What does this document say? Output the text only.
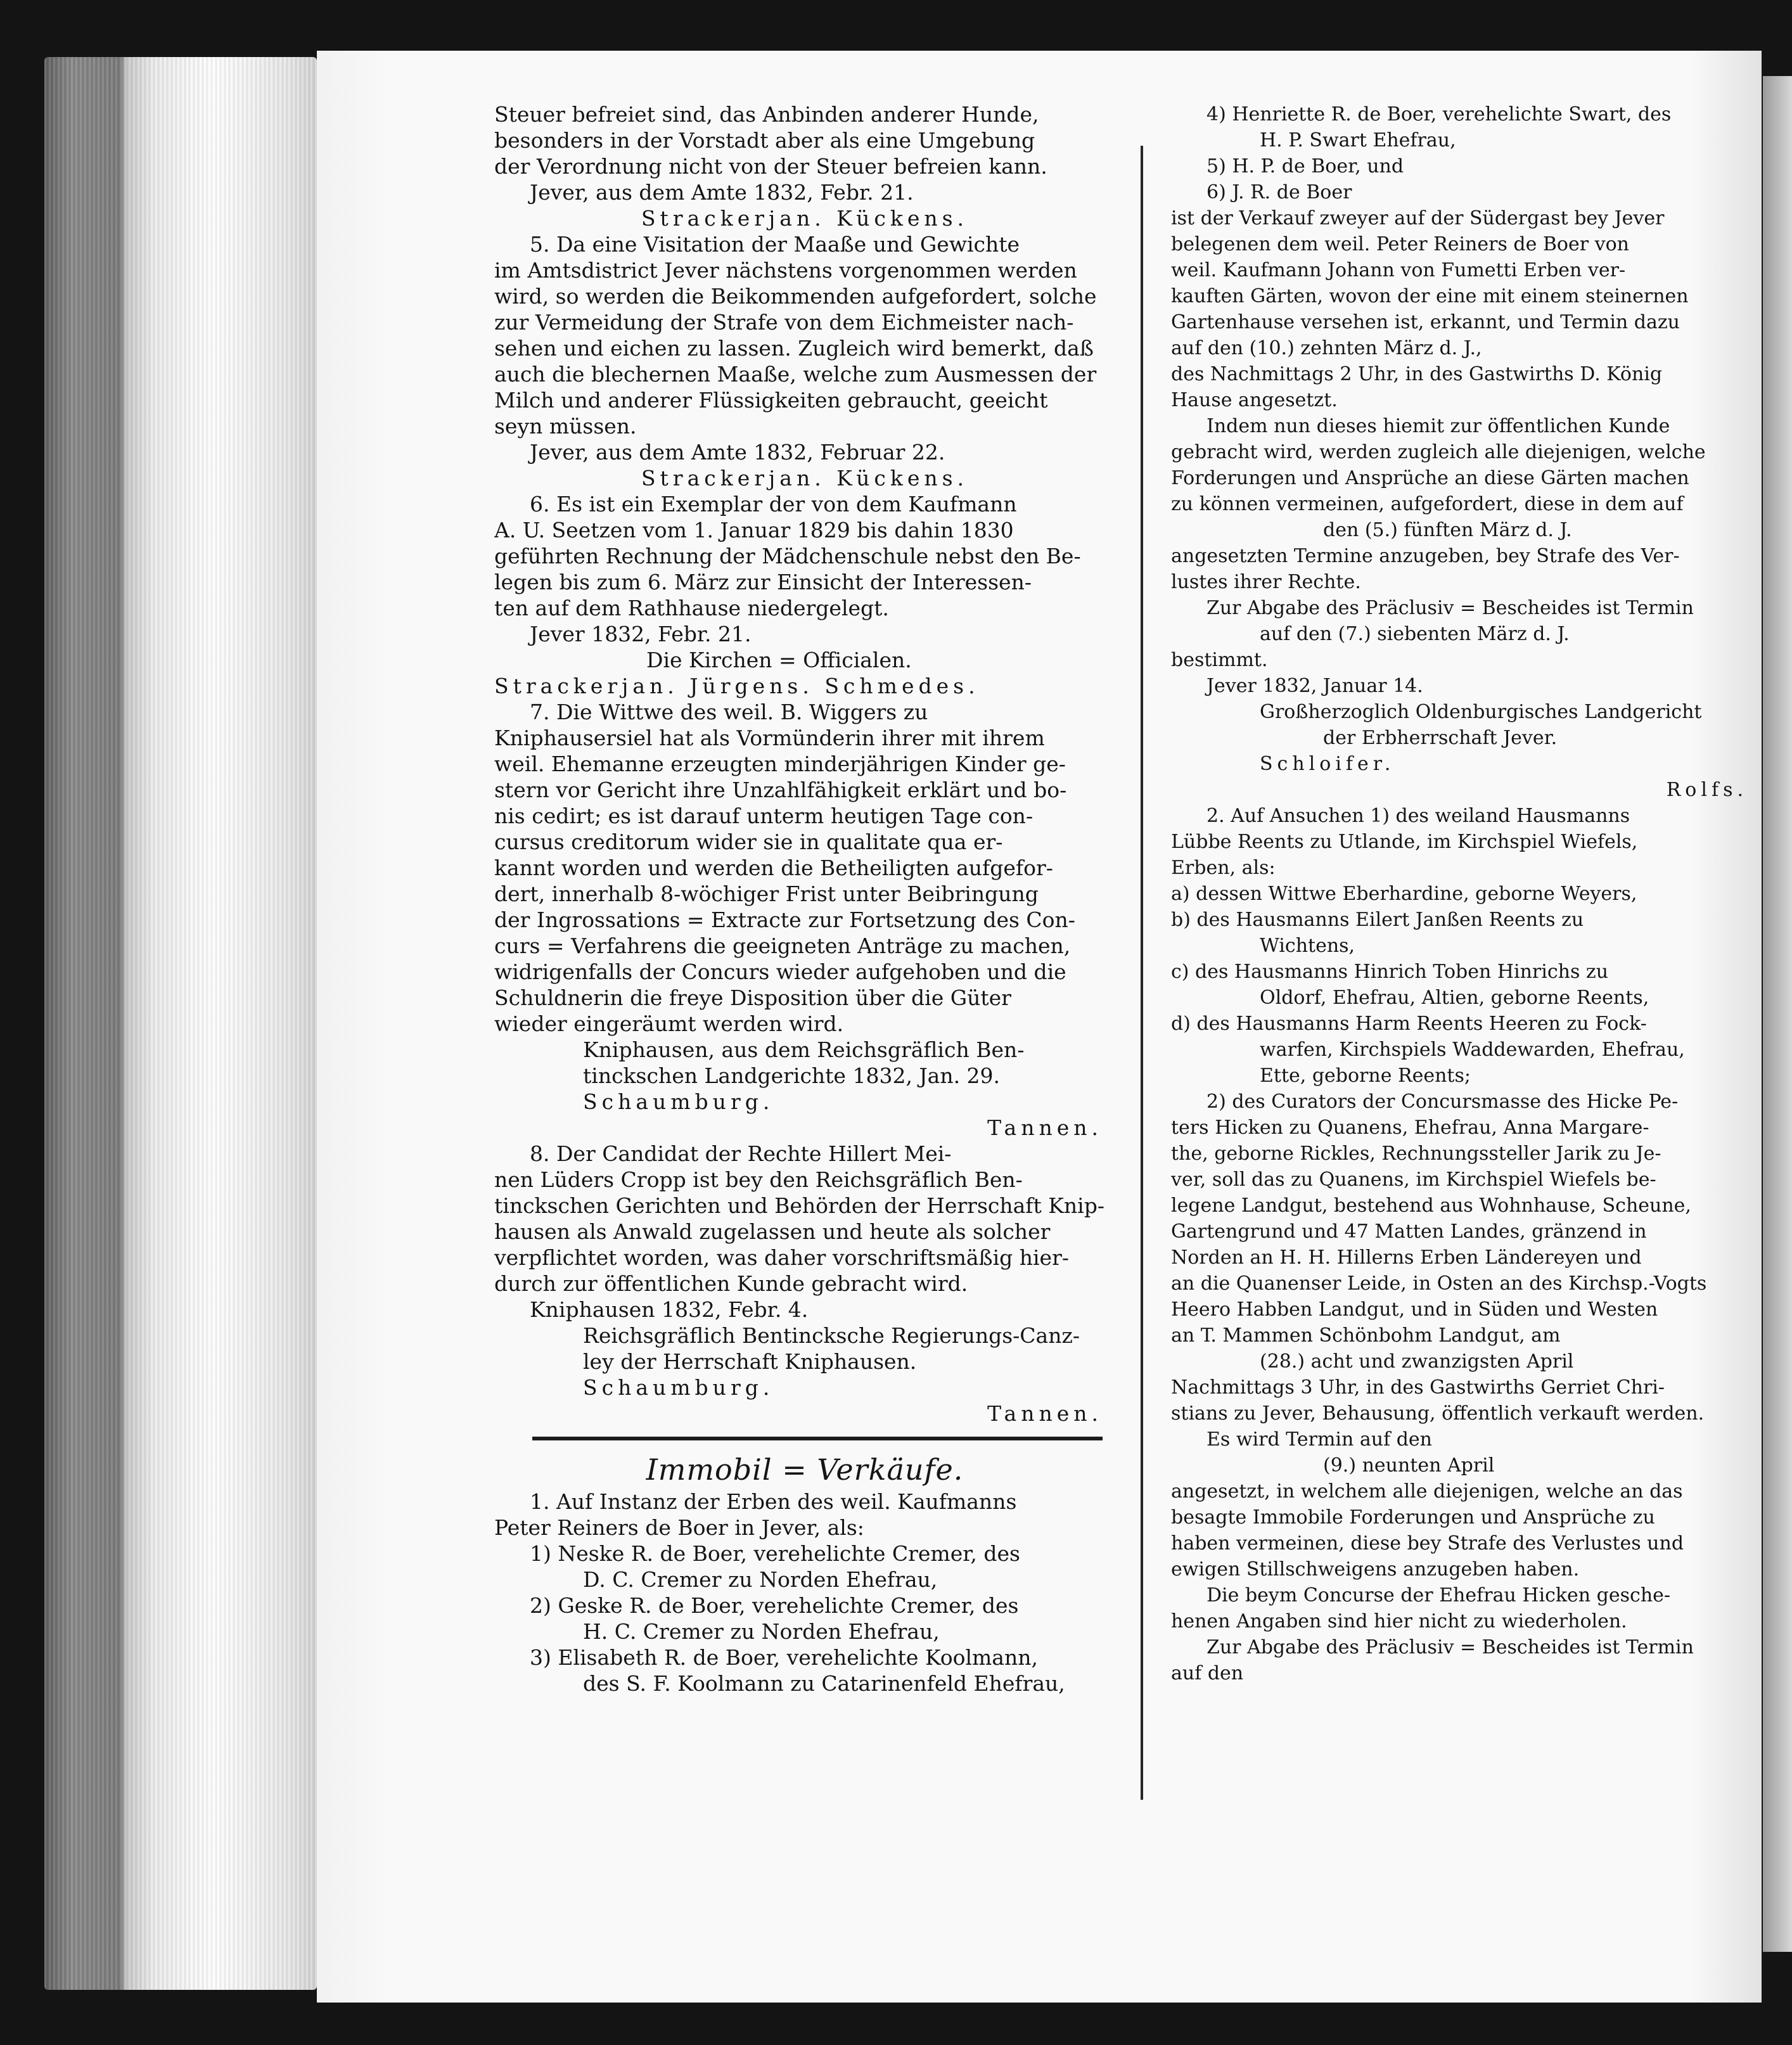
Steuer befreiet sind, das Anbinden anderer Hunde,
besonders in der Vorstadt aber als eine Umgebung
der Verordnung nicht von der Steuer befreien kann.
Jever, aus dem Amte 1832, Febr. 21.
Strackerjan. Kückens.
5. Da eine Visitation der Maaße und Gewichte
im Amtsdistrict Jever nächstens vorgenommen werden
wird, so werden die Beikommenden aufgefordert, solche
zur Vermeidung der Strafe von dem Eichmeister nach-
sehen und eichen zu lassen. Zugleich wird bemerkt, daß
auch die blechernen Maaße, welche zum Ausmessen der
Milch und anderer Flüssigkeiten gebraucht, geeicht
seyn müssen.
Jever, aus dem Amte 1832, Februar 22.
Strackerjan. Kückens.
6. Es ist ein Exemplar der von dem Kaufmann
A. U. Seetzen vom 1. Januar 1829 bis dahin 1830
geführten Rechnung der Mädchenschule nebst den Be-
legen bis zum 6. März zur Einsicht der Interessen-
ten auf dem Rathhause niedergelegt.
Jever 1832, Febr. 21.
Die Kirchen = Officialen.
Strackerjan. Jürgens. Schmedes.
7. Die Wittwe des weil. B. Wiggers zu
Kniphausersiel hat als Vormünderin ihrer mit ihrem
weil. Ehemanne erzeugten minderjährigen Kinder ge-
stern vor Gericht ihre Unzahlfähigkeit erklärt und bo-
nis cedirt; es ist darauf unterm heutigen Tage con-
cursus creditorum wider sie in qualitate qua er-
kannt worden und werden die Betheiligten aufgefor-
dert, innerhalb 8-wöchiger Frist unter Beibringung
der Ingrossations = Extracte zur Fortsetzung des Con-
curs = Verfahrens die geeigneten Anträge zu machen,
widrigenfalls der Concurs wieder aufgehoben und die
Schuldnerin die freye Disposition über die Güter
wieder eingeräumt werden wird.
Kniphausen, aus dem Reichsgräflich Ben-
tinckschen Landgerichte 1832, Jan. 29.
Schaumburg.
Tannen.
8. Der Candidat der Rechte Hillert Mei-
nen Lüders Cropp ist bey den Reichsgräflich Ben-
tinckschen Gerichten und Behörden der Herrschaft Knip-
hausen als Anwald zugelassen und heute als solcher
verpflichtet worden, was daher vorschriftsmäßig hier-
durch zur öffentlichen Kunde gebracht wird.
Kniphausen 1832, Febr. 4.
Reichsgräflich Bentincksche Regierungs-Canz-
ley der Herrschaft Kniphausen.
Schaumburg.
Tannen.
Immobil = Verkäufe.
1. Auf Instanz der Erben des weil. Kaufmanns
Peter Reiners de Boer in Jever, als:
1) Neske R. de Boer, verehelichte Cremer, des
D. C. Cremer zu Norden Ehefrau,
2) Geske R. de Boer, verehelichte Cremer, des
H. C. Cremer zu Norden Ehefrau,
3) Elisabeth R. de Boer, verehelichte Koolmann,
des S. F. Koolmann zu Catarinenfeld Ehefrau,
4) Henriette R. de Boer, verehelichte Swart, des
H. P. Swart Ehefrau,
5) H. P. de Boer, und
6) J. R. de Boer
ist der Verkauf zweyer auf der Südergast bey Jever
belegenen dem weil. Peter Reiners de Boer von
weil. Kaufmann Johann von Fumetti Erben ver-
kauften Gärten, wovon der eine mit einem steinernen
Gartenhause versehen ist, erkannt, und Termin dazu
auf den (10.) zehnten März d. J.,
des Nachmittags 2 Uhr, in des Gastwirths D. König
Hause angesetzt.
Indem nun dieses hiemit zur öffentlichen Kunde
gebracht wird, werden zugleich alle diejenigen, welche
Forderungen und Ansprüche an diese Gärten machen
zu können vermeinen, aufgefordert, diese in dem auf
den (5.) fünften März d. J.
angesetzten Termine anzugeben, bey Strafe des Ver-
lustes ihrer Rechte.
Zur Abgabe des Präclusiv = Bescheides ist Termin
auf den (7.) siebenten März d. J.
bestimmt.
Jever 1832, Januar 14.
Großherzoglich Oldenburgisches Landgericht
der Erbherrschaft Jever.
Schloifer.
Rolfs.
2. Auf Ansuchen 1) des weiland Hausmanns
Lübbe Reents zu Utlande, im Kirchspiel Wiefels,
Erben, als:
a) dessen Wittwe Eberhardine, geborne Weyers,
b) des Hausmanns Eilert Janßen Reents zu
Wichtens,
c) des Hausmanns Hinrich Toben Hinrichs zu
Oldorf, Ehefrau, Altien, geborne Reents,
d) des Hausmanns Harm Reents Heeren zu Fock-
warfen, Kirchspiels Waddewarden, Ehefrau,
Ette, geborne Reents;
2) des Curators der Concursmasse des Hicke Pe-
ters Hicken zu Quanens, Ehefrau, Anna Margare-
the, geborne Rickles, Rechnungssteller Jarik zu Je-
ver, soll das zu Quanens, im Kirchspiel Wiefels be-
legene Landgut, bestehend aus Wohnhause, Scheune,
Gartengrund und 47 Matten Landes, gränzend in
Norden an H. H. Hillerns Erben Ländereyen und
an die Quanenser Leide, in Osten an des Kirchsp.-Vogts
Heero Habben Landgut, und in Süden und Westen
an T. Mammen Schönbohm Landgut, am
(28.) acht und zwanzigsten April
Nachmittags 3 Uhr, in des Gastwirths Gerriet Chri-
stians zu Jever, Behausung, öffentlich verkauft werden.
Es wird Termin auf den
(9.) neunten April
angesetzt, in welchem alle diejenigen, welche an das
besagte Immobile Forderungen und Ansprüche zu
haben vermeinen, diese bey Strafe des Verlustes und
ewigen Stillschweigens anzugeben haben.
Die beym Concurse der Ehefrau Hicken gesche-
henen Angaben sind hier nicht zu wiederholen.
Zur Abgabe des Präclusiv = Bescheides ist Termin
auf den
